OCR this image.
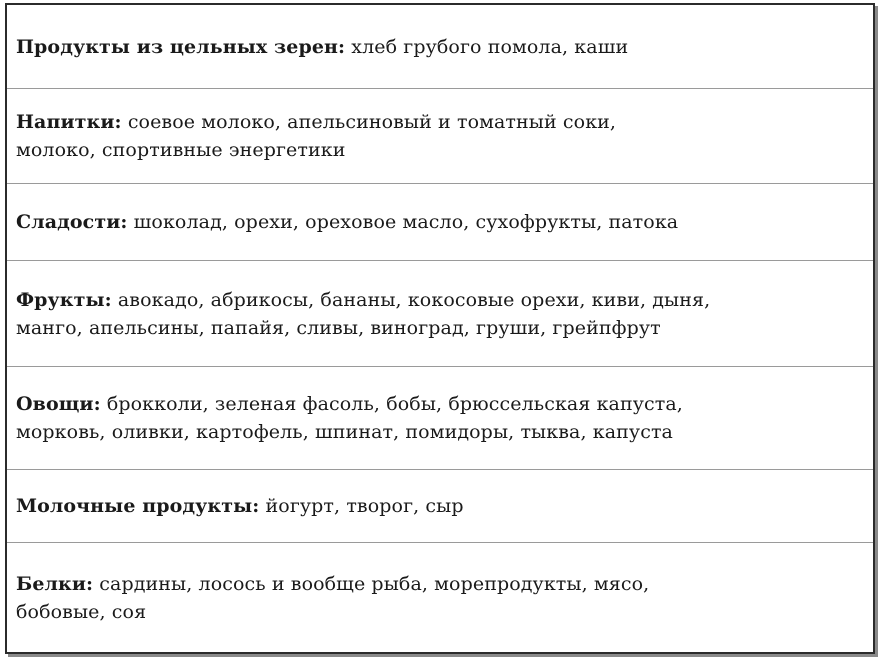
Продукты из цельных зерен: хлеб грубого помола, каши

Напитки: соевое молоко, апельсиновый и томатный соки,

молоко, спортивные энергетики

Сладости: шоколад, орехи, ореховое масло, сухофрукты, патока

Фрукты: авокадо, абрикосы, бананы, кокосовые орехи, киви, дыня,

манго, апельсины, папайя, сливы, виноград, груши, грейпфрут

Овощи: брокколи, зеленая фасоль, бобы, брюссельская капуста,

морковь, оливки, картофель, шпинат, помидоры, тыква, капуста

Молочные продукты: йогурт, творог, сыр

Белки: сардины, лосось и вообще рыба, морепродукты, мясо,

бобовые, соя
